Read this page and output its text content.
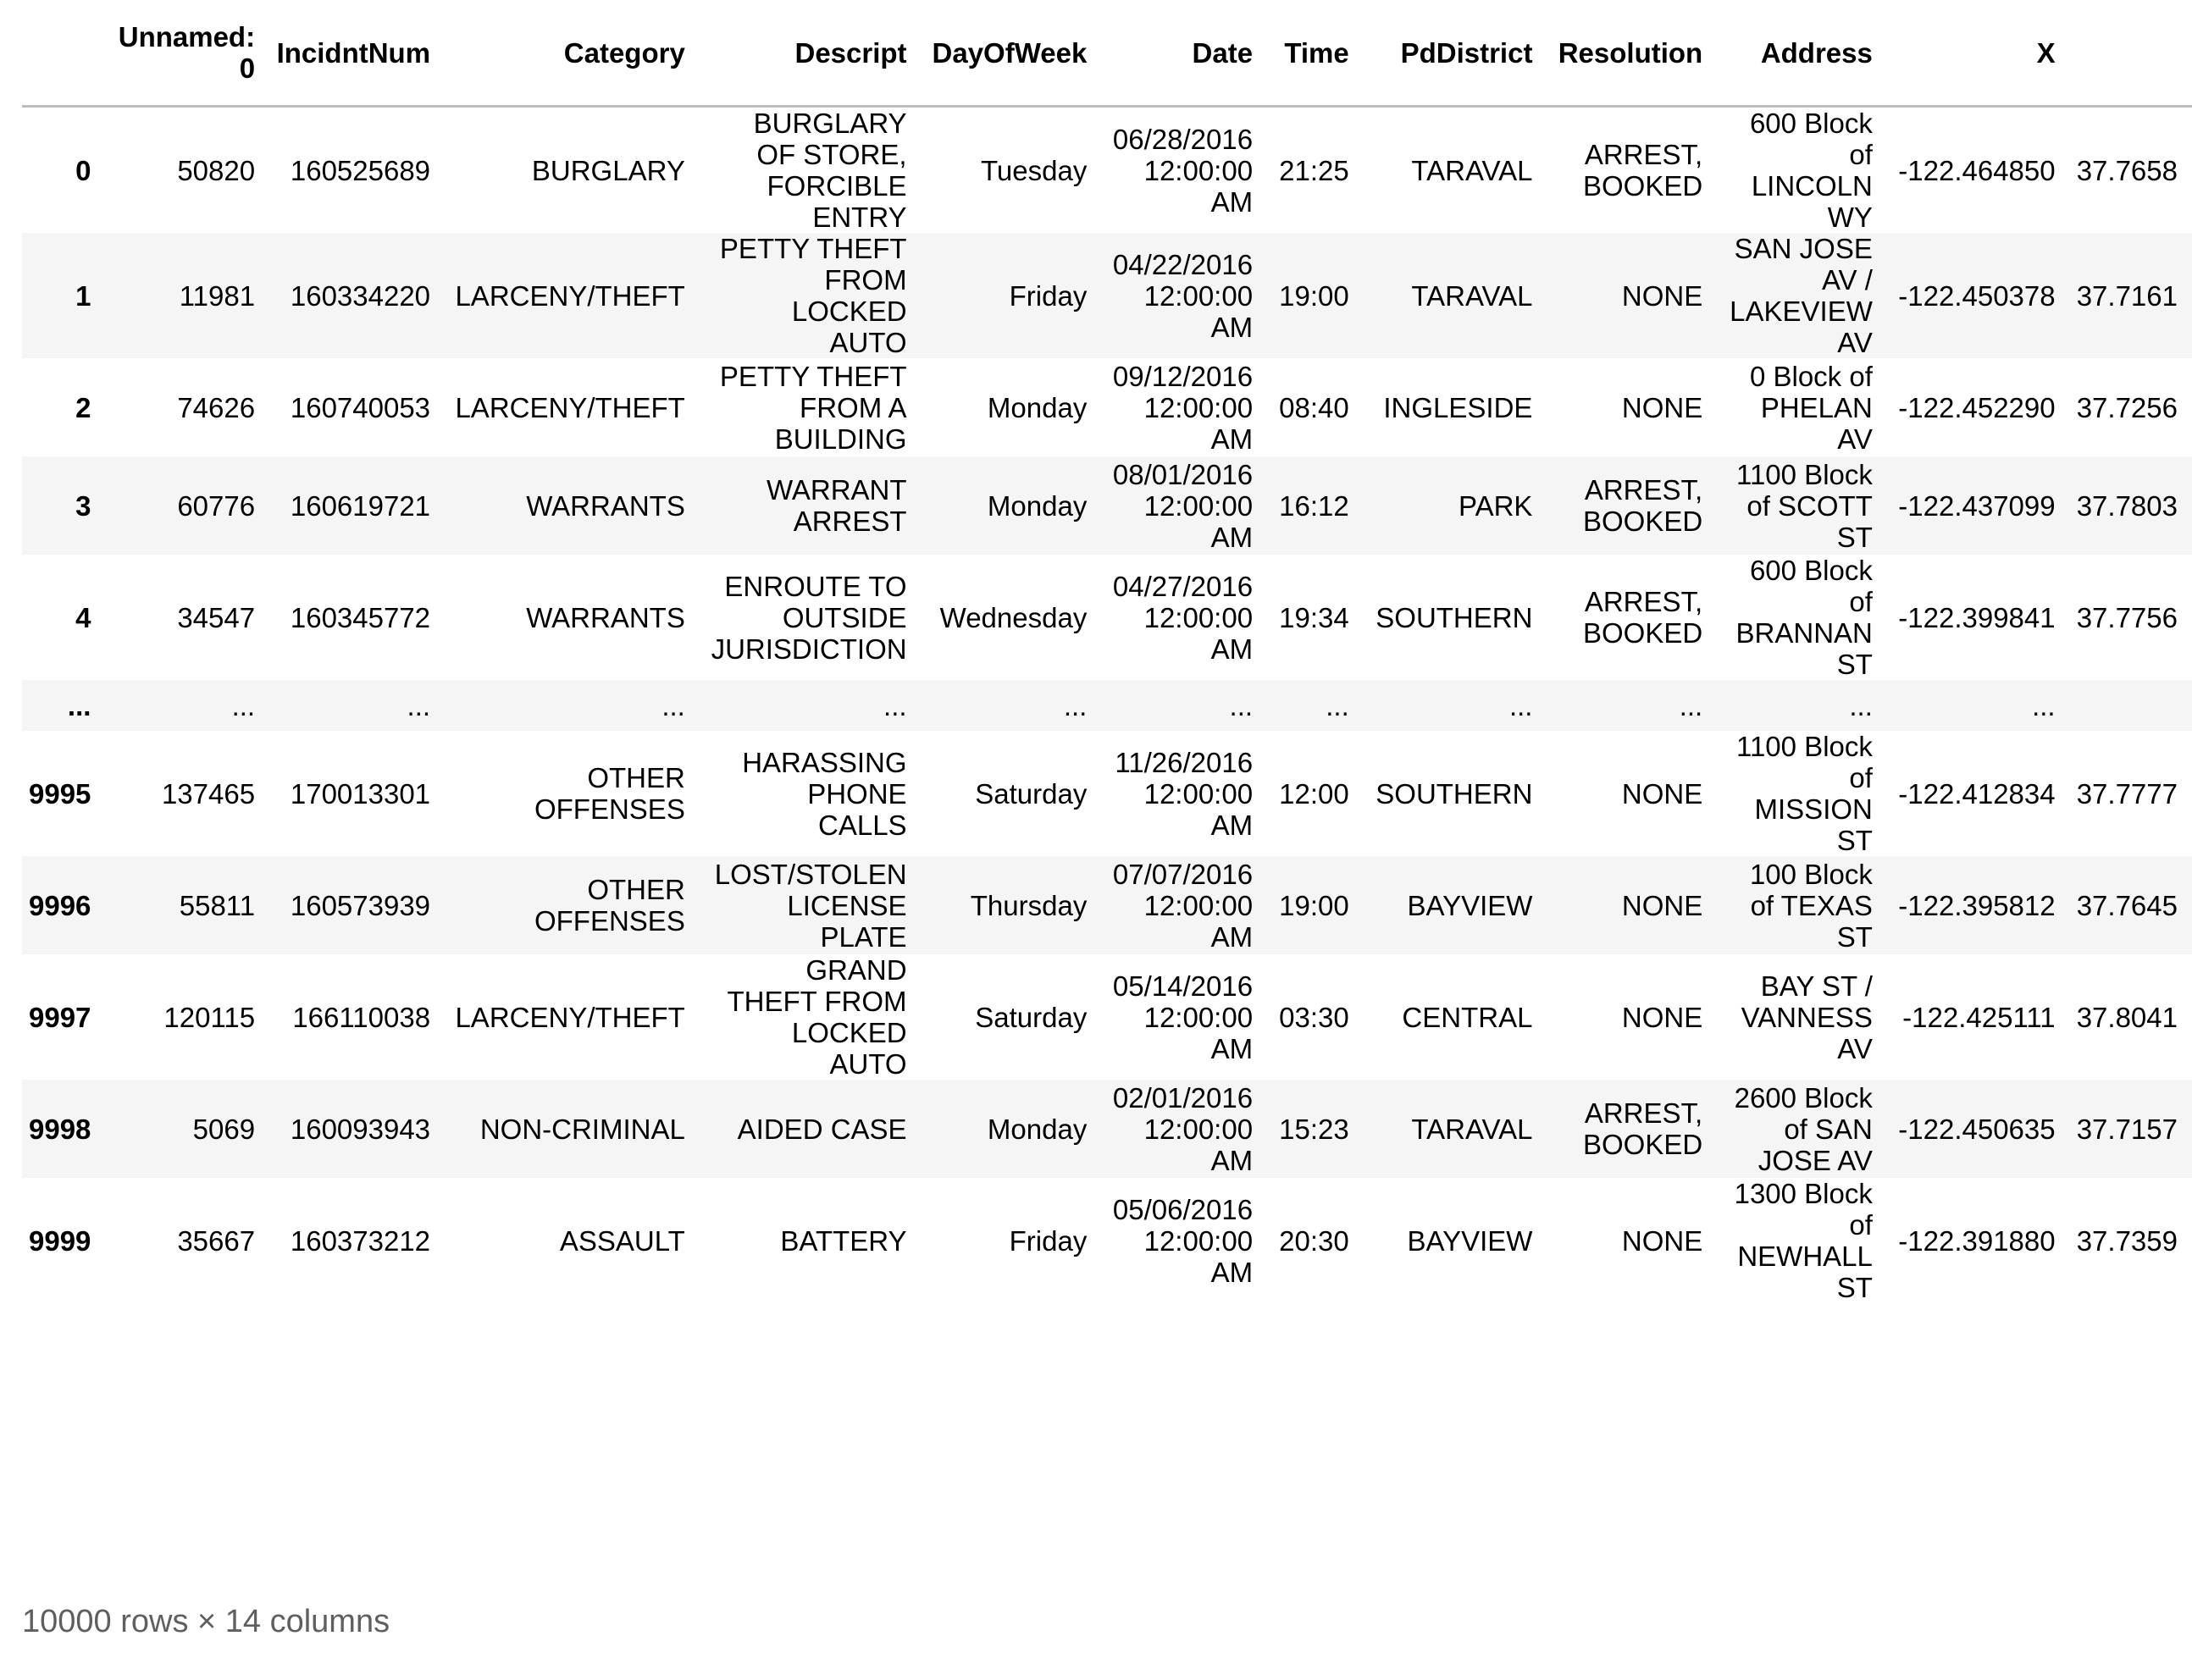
	Unnamed:
0	IncidntNum	Category	Descript	DayOfWeek	Date	Time	PdDistrict	Resolution	Address	X	

0	50820	160525689	BURGLARY	BURGLARY
OF STORE,
FORCIBLE
ENTRY	Tuesday	06/28/2016
12:00:00
AM	21:25	TARAVAL	ARREST,
BOOKED	600 Block
of
LINCOLN
WY	-122.464850	37.7658

1	11981	160334220	LARCENY/THEFT	PETTY THEFT
FROM
LOCKED
AUTO	Friday	04/22/2016
12:00:00
AM	19:00	TARAVAL	NONE	SAN JOSE
AV /
LAKEVIEW
AV	-122.450378	37.7161

2	74626	160740053	LARCENY/THEFT	PETTY THEFT
FROM A
BUILDING	Monday	09/12/2016
12:00:00
AM	08:40	INGLESIDE	NONE	0 Block of
PHELAN
AV	-122.452290	37.7256

3	60776	160619721	WARRANTS	WARRANT
ARREST	Monday	08/01/2016
12:00:00
AM	16:12	PARK	ARREST,
BOOKED	1100 Block
of SCOTT
ST	-122.437099	37.7803

4	34547	160345772	WARRANTS	ENROUTE TO
OUTSIDE
JURISDICTION	Wednesday	04/27/2016
12:00:00
AM	19:34	SOUTHERN	ARREST,
BOOKED	600 Block
of
BRANNAN
ST	-122.399841	37.7756

...	...	...	...	...	...	...	...	...	...	...	...	

9995	137465	170013301	OTHER
OFFENSES	HARASSING
PHONE
CALLS	Saturday	11/26/2016
12:00:00
AM	12:00	SOUTHERN	NONE	1100 Block
of
MISSION
ST	-122.412834	37.7777

9996	55811	160573939	OTHER
OFFENSES	LOST/STOLEN
LICENSE
PLATE	Thursday	07/07/2016
12:00:00
AM	19:00	BAYVIEW	NONE	100 Block
of TEXAS
ST	-122.395812	37.7645

9997	120115	166110038	LARCENY/THEFT	GRAND
THEFT FROM
LOCKED
AUTO	Saturday	05/14/2016
12:00:00
AM	03:30	CENTRAL	NONE	BAY ST /
VANNESS
AV	-122.425111	37.8041

9998	5069	160093943	NON-CRIMINAL	AIDED CASE	Monday	02/01/2016
12:00:00
AM	15:23	TARAVAL	ARREST,
BOOKED	2600 Block
of SAN
JOSE AV	-122.450635	37.7157

9999	35667	160373212	ASSAULT	BATTERY	Friday	05/06/2016
12:00:00
AM	20:30	BAYVIEW	NONE	1300 Block
of
NEWHALL
ST	-122.391880	37.7359
10000 rows × 14 columns
